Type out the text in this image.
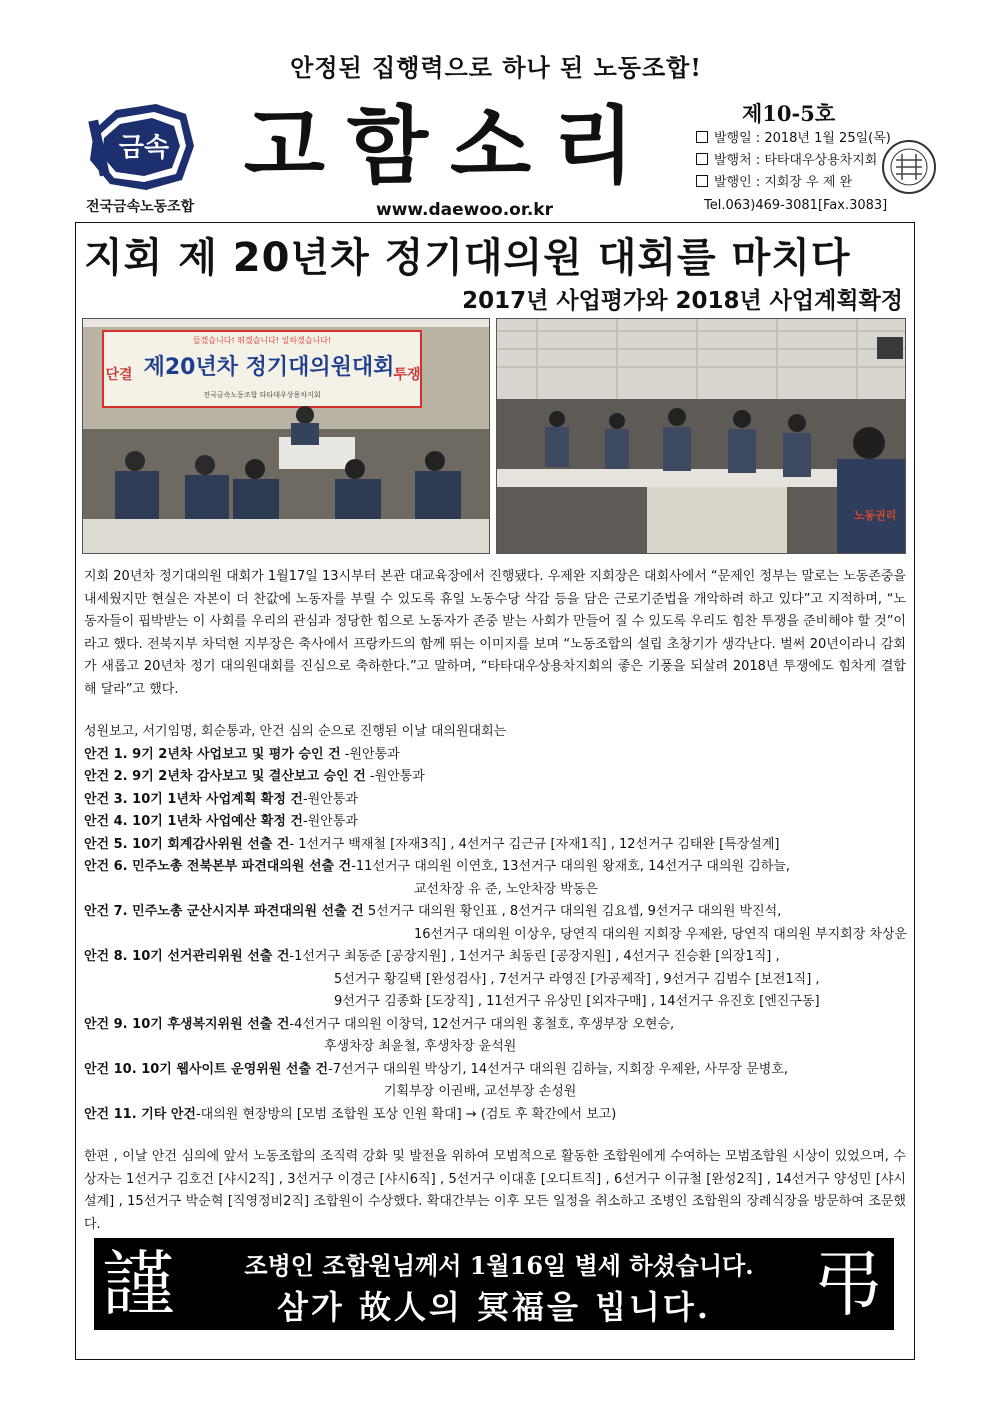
안정된 집행력으로 하나 된 노동조합!
금속 고함소리	제10-5호
발행일 : 2018년 1월 25일(목)
발행처 : 타타대우상용차지회
발행인 : 지회장 우 제 완
전국금속노동조합	www.daewoo.or.kr	Tel.063)469-3081[Fax.3083]
지회 제 20년차 정기대의원 대회를 마치다
2017년 사업평가와 2018년 사업계획확정
들겠습니다! 뛰겠습니다! 일하겠습니다!
단결	투쟁
제20년차 정기대의원대회
전국금속노동조합 타타대우상용차지회
노동권리

지회 20년차 정기대의원 대회가 1월17일 13시부터 본관 대교육장에서 진행됐다. 우제완 지회장은 대회사에서 “문제인 정부는 말로는 노동존중을 내세웠지만 현실은 자본이 더 찬값에 노동자를 부릴 수 있도록 휴일 노동수당 삭감 등을 담은 근로기준법을 개악하려 하고 있다”고 지적하며, “노동자들이 핍박받는 이 사회를 우리의 관심과 정당한 힘으로 노동자가 존중 받는 사회가 만들어 질 수 있도록 우리도 힘찬 투쟁을 준비해야 할 것”이라고 했다. 전북지부 차덕현 지부장은 축사에서 프랑카드의 함께 뛰는 이미지를 보며 “노동조합의 설립 초창기가 생각난다. 벌써 20년이라니 감회가 새롭고 20년차 정기 대의원대회를 진심으로 축하한다.”고 말하며, “타타대우상용차지회의 좋은 기풍을 되살려 2018년 투쟁에도 힘차게 결합해 달라”고 했다.

성원보고, 서기임명, 회순통과, 안건 심의 순으로 진행된 이날 대의원대회는

안건 1. 9기 2년차 사업보고 및 평가 승인 건 -원안통과
안건 2. 9기 2년차 감사보고 및 결산보고 승인 건 -원안통과
안건 3. 10기 1년차 사업계획 확정 건-원안통과
안건 4. 10기 1년차 사업예산 확정 건-원안통과
안건 5. 10기 회계감사위원 선출 건- 1선거구 백재철 [자재3직] , 4선거구 김근규 [자재1직] , 12선거구 김태완 [특장설계]
안건 6. 민주노총 전북본부 파견대의원 선출 건-11선거구 대의원 이연호, 13선거구 대의원 왕재호, 14선거구 대의원 김하늘,
교선차장 유 준, 노안차장 박동은
안건 7. 민주노총 군산시지부 파견대의원 선출 건 5선거구 대의원 황인표 , 8선거구 대의원 김요셉, 9선거구 대의원 박진석,
16선거구 대의원 이상우, 당연직 대의원 지회장 우제완, 당연직 대의원 부지회장 차상운
안건 8. 10기 선거관리위원 선출 건-1선거구 최동준 [공장지원] , 1선거구 최동린 [공장지원] , 4선거구 진승환 [의장1직] ,
5선거구 황길택 [완성검사] , 7선거구 라영진 [가공제작] , 9선거구 김범수 [보전1직] ,
9선거구 김종화 [도장직] , 11선거구 유상민 [외자구매] , 14선거구 유진호 [엔진구동]
안건 9. 10기 후생복지위원 선출 건-4선거구 대의원 이창덕, 12선거구 대의원 홍철호, 후생부장 오현승,
후생차장 최윤철, 후생차장 윤석원
안건 10. 10기 웹사이트 운영위원 선출 건-7선거구 대의원 박상기, 14선거구 대의원 김하늘, 지회장 우제완, 사무장 문병호,
기획부장 이권배, 교선부장 손성원
안건 11. 기타 안건-대의원 현장방의 [모범 조합원 포상 인원 확대] → (검토 후 확간에서 보고)

한편 , 이날 안건 심의에 앞서 노동조합의 조직력 강화 및 발전을 위하여 모범적으로 활동한 조합원에게 수여하는 모범조합원 시상이 있었으며, 수상자는 1선거구 김호건 [샤시2직] , 3선거구 이경근 [샤시6직] , 5선거구 이대훈 [오디트직] , 6선거구 이규철 [완성2직] , 14선거구 양성민 [샤시설계] , 15선거구 박순혁 [직영정비2직] 조합원이 수상했다. 확대간부는 이후 모든 일정을 취소하고 조병인 조합원의 장례식장을 방문하여 조문했다.

謹	弔
조병인 조합원님께서 1월16일 별세 하셨습니다.
삼가 故人의 冥福을 빕니다.
